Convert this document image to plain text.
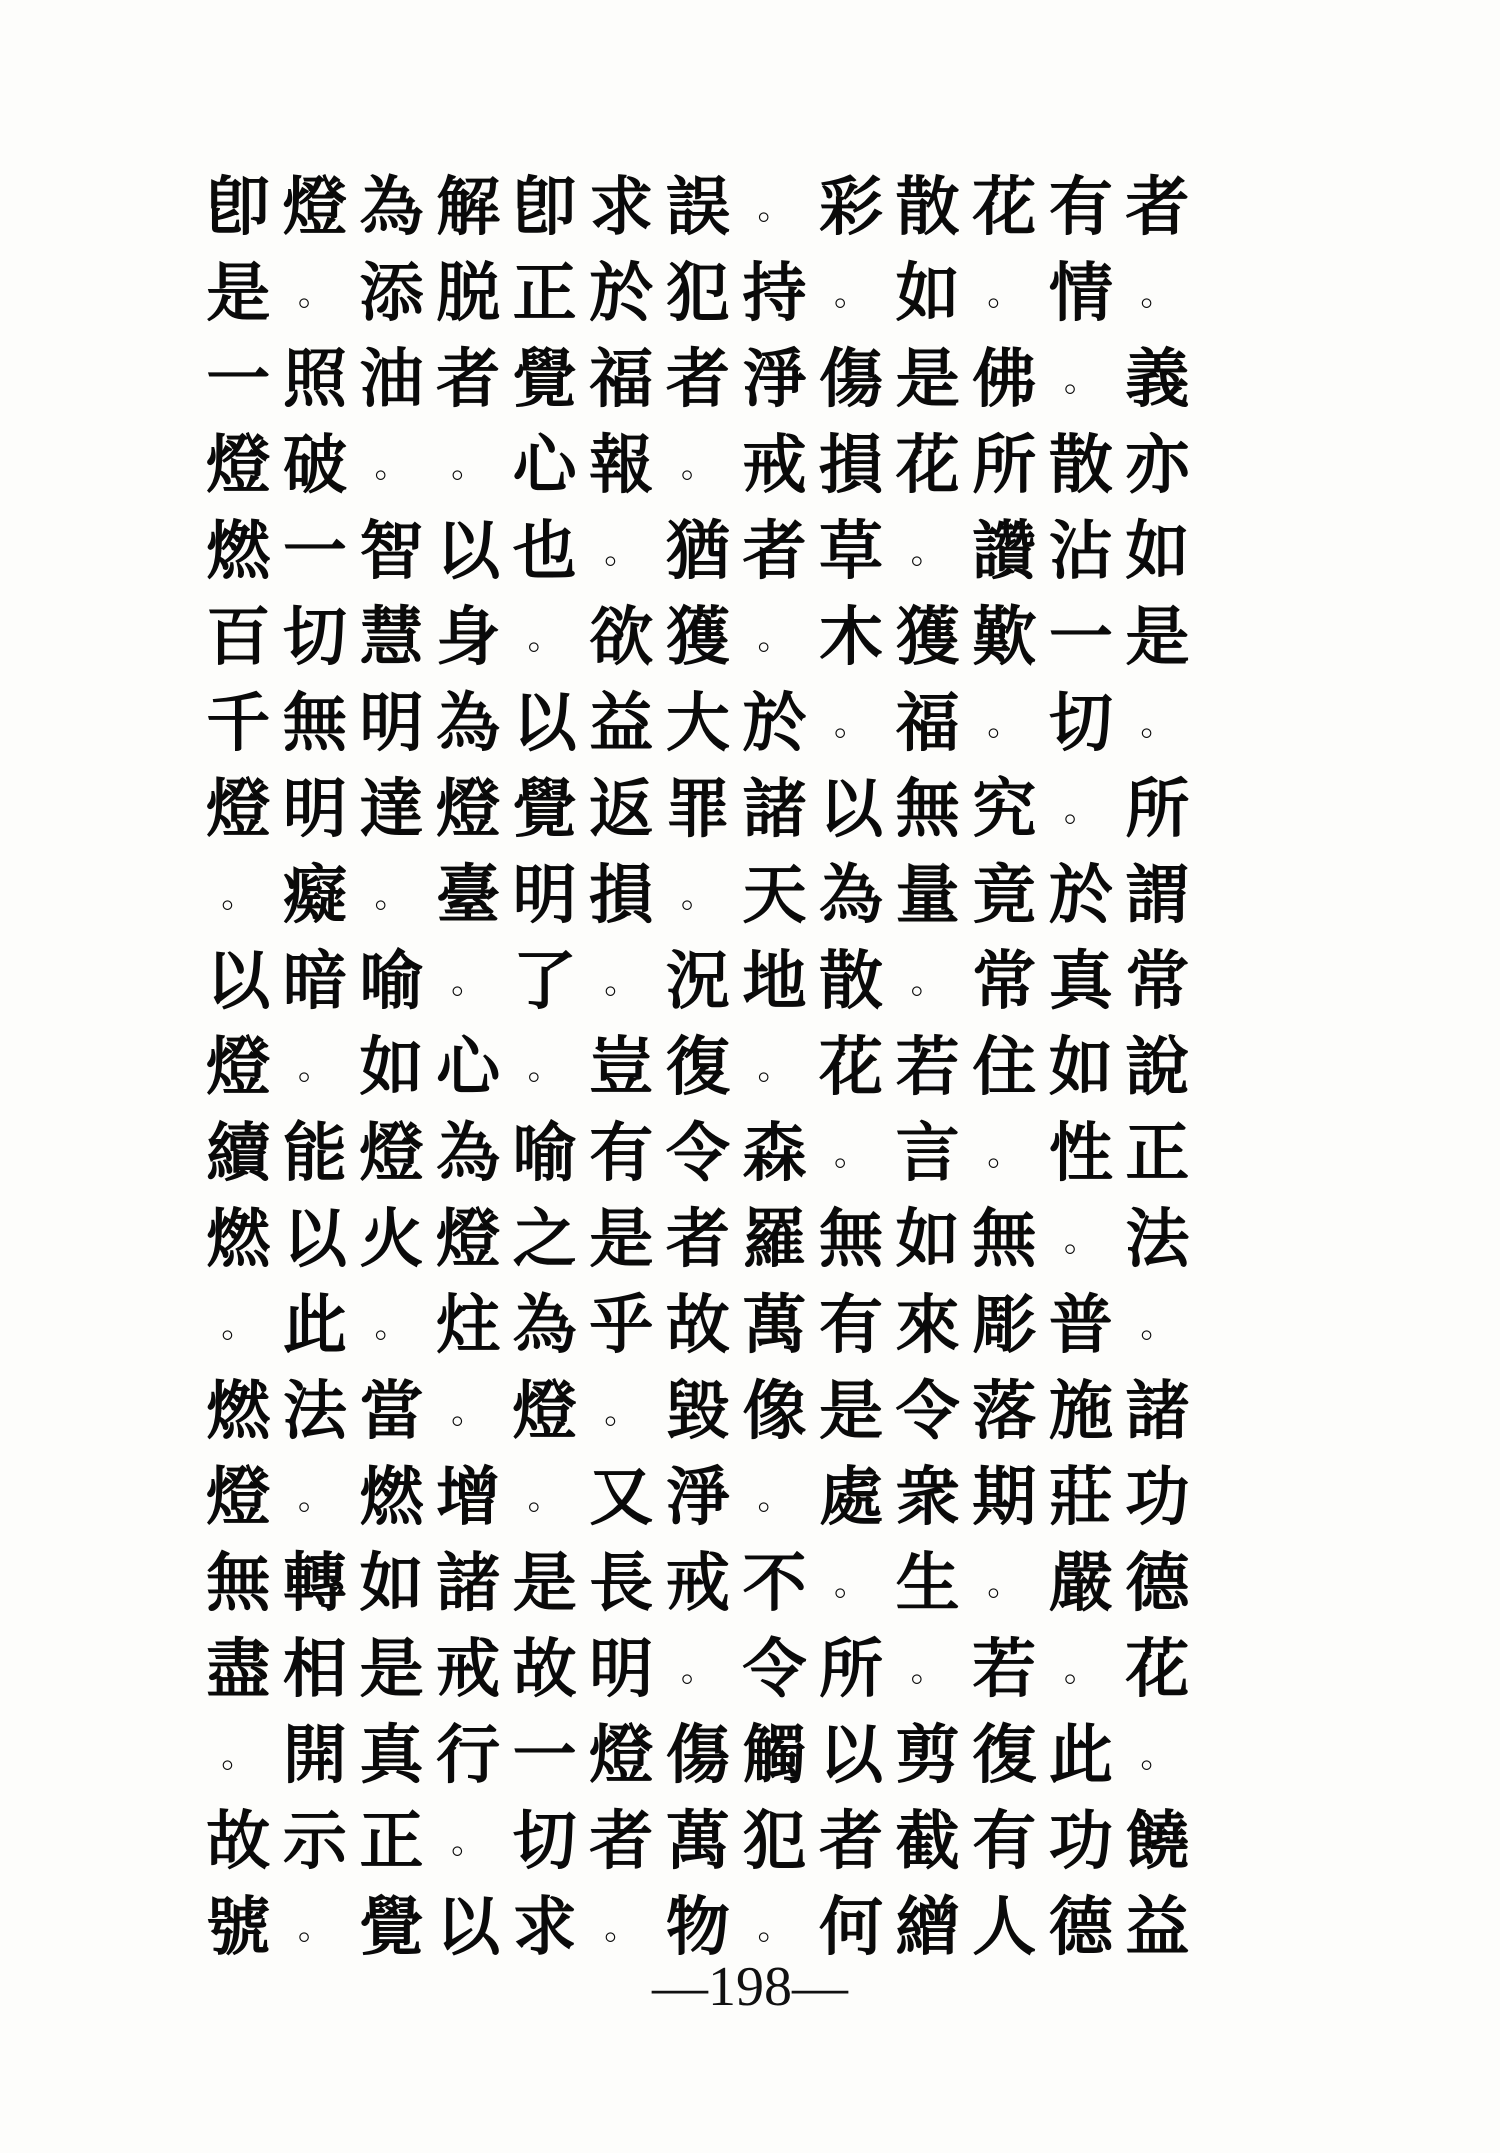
卽 燈 為 解 卽 求 誤 。 彩 散 花 有 者
是 。 添 脱 正 於 犯 持 。 如 。 情 。
一 照 油 者 覺 福 者 淨 傷 是 佛 。 義
燈 破 。	。 心 報 。 戒 損 花 所 散 亦
燃 一 智 以 也 。 猶 者 草 。 讚 沾 如
百 切 慧 身 。 欲 獲 。 木 獲 歎 一 是
千 無 明 為 以 益 大 於 。 福 。 切 。
燈 明 達 燈 覺 返 罪 諸 以 無 究 。 所
。 癡 。 臺 明 損 。 天 為 量 竟 於 謂
以 暗 喻 。 了 。 況 地 散 。 常 真 常
燈 。 如 心 。 豈 復 。 花 若 住 如 說
續 能 燈 為 喻 有 令 森 。 言 。 性 正
燃 以 火 燈 之 是 者 羅 無 如 無 。 法
。 此 。 炷 為 乎 故 萬 有 來 彫 普 。
燃 法 當 。 燈 。 毀 像 是 令 落 施 諸
燈 。 燃 增 。 又 淨 。 處 衆 期 莊 功
無 轉 如 諸 是 長 戒 不 。 生 。 嚴 德
盡 相 是 戒 故 明 。 令 所 。 若 。 花
。 開 真 行 一 燈 傷 觸 以 剪 復 此 。
故 示 正 。 切 者 萬 犯 者 截 有 功 饒
號 。 覺 以 求 。 物 。 何 繒 人 德 益
—198—
